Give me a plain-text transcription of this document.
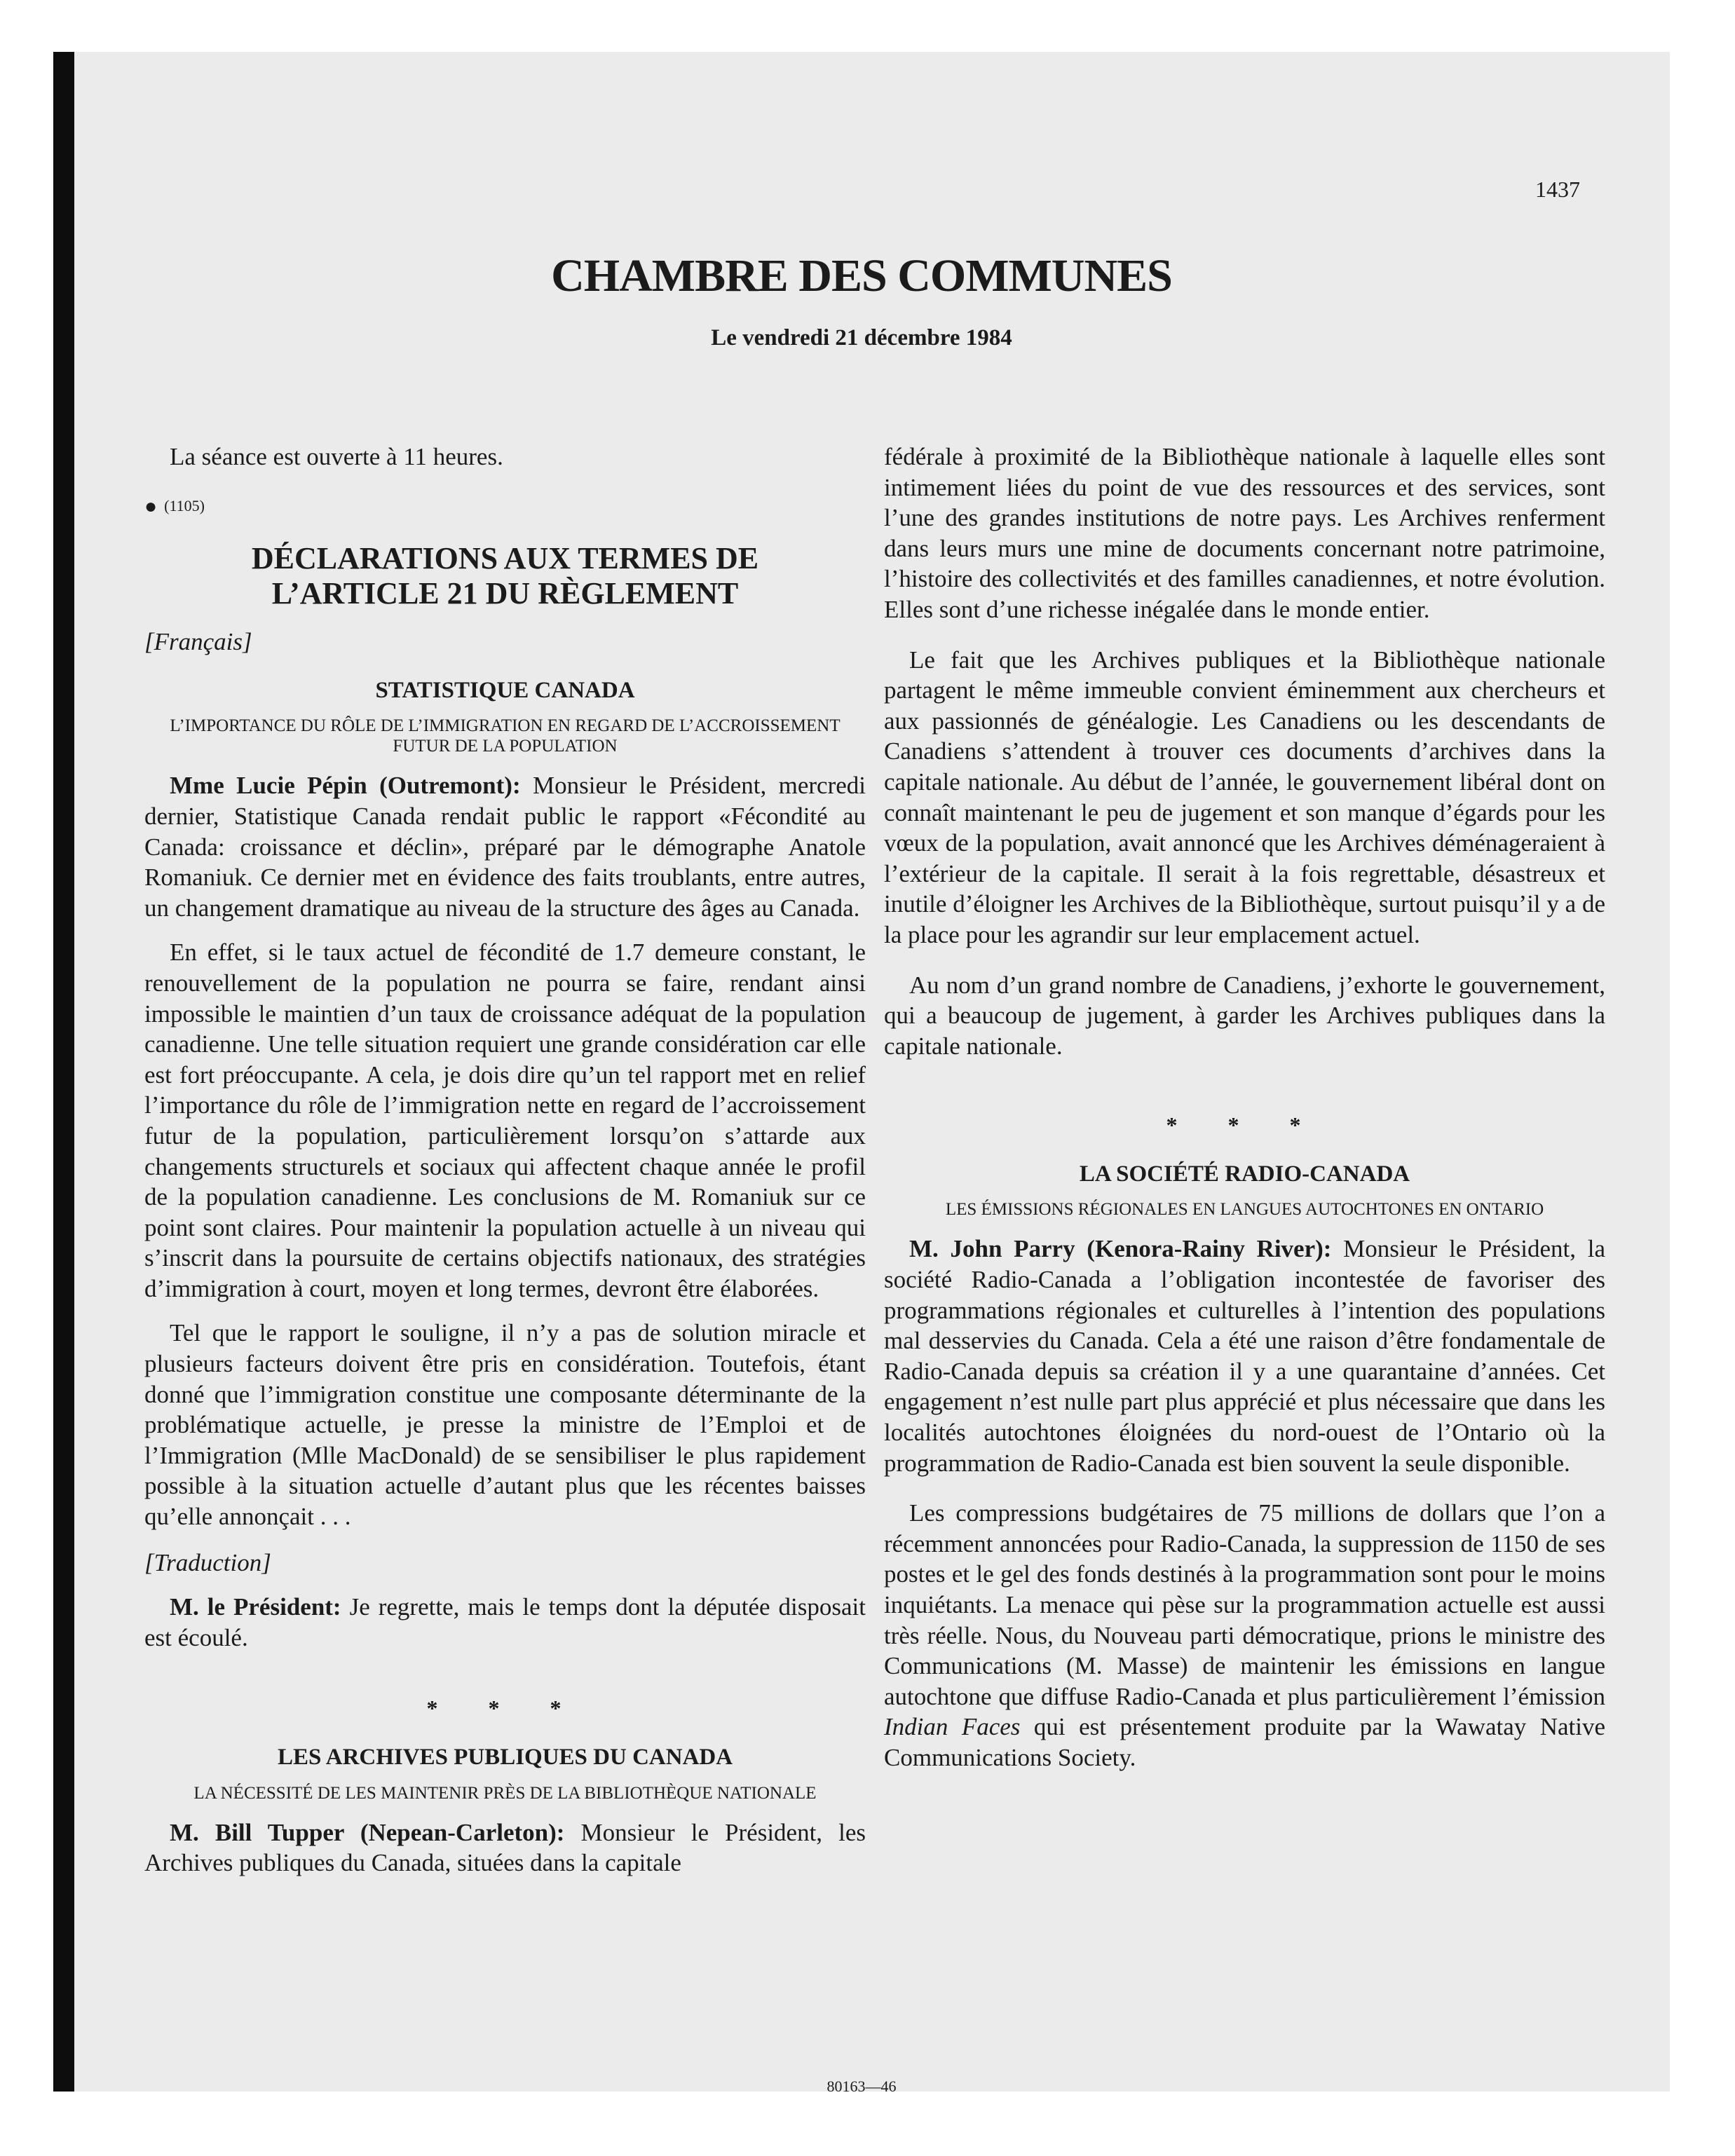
1437
CHAMBRE DES COMMUNES
Le vendredi 21 décembre 1984

La séance est ouverte à 11 heures.

● (1105)
DÉCLARATIONS AUX TERMES DE
L’ARTICLE 21 DU RÈGLEMENT
[Français]
STATISTIQUE CANADA
L’IMPORTANCE DU RÔLE DE L’IMMIGRATION EN REGARD DE L’ACCROISSEMENT FUTUR DE LA POPULATION

Mme Lucie Pépin (Outremont): Monsieur le Président, mercredi dernier, Statistique Canada rendait public le rapport «Fécondité au Canada: croissance et déclin», préparé par le démographe Anatole Romaniuk. Ce dernier met en évidence des faits troublants, entre autres, un changement dramatique au niveau de la structure des âges au Canada.

En effet, si le taux actuel de fécondité de 1.7 demeure constant, le renouvellement de la population ne pourra se faire, rendant ainsi impossible le maintien d’un taux de croissance adéquat de la population canadienne. Une telle situation requiert une grande considération car elle est fort préoccupante. A cela, je dois dire qu’un tel rapport met en relief l’importance du rôle de l’immigration nette en regard de l’accroissement futur de la population, particulièrement lorsqu’on s’attarde aux changements structurels et sociaux qui affectent chaque année le profil de la population canadienne. Les conclusions de M. Romaniuk sur ce point sont claires. Pour maintenir la population actuelle à un niveau qui s’inscrit dans la poursuite de certains objectifs nationaux, des stratégies d’immigration à court, moyen et long termes, devront être élaborées.

Tel que le rapport le souligne, il n’y a pas de solution miracle et plusieurs facteurs doivent être pris en considération. Toutefois, étant donné que l’immigration constitue une composante déterminante de la problématique actuelle, je presse la ministre de l’Emploi et de l’Immigration (Mlle MacDonald) de se sensibiliser le plus rapidement possible à la situation actuelle d’autant plus que les récentes baisses qu’elle annonçait . . .

[Traduction]

M. le Président: Je regrette, mais le temps dont la députée disposait est écoulé.

* * *
LES ARCHIVES PUBLIQUES DU CANADA
LA NÉCESSITÉ DE LES MAINTENIR PRÈS DE LA BIBLIOTHÈQUE NATIONALE

M. Bill Tupper (Nepean-Carleton): Monsieur le Président, les Archives publiques du Canada, situées dans la capitale

fédérale à proximité de la Bibliothèque nationale à laquelle elles sont intimement liées du point de vue des ressources et des services, sont l’une des grandes institutions de notre pays. Les Archives renferment dans leurs murs une mine de documents concernant notre patrimoine, l’histoire des collectivités et des familles canadiennes, et notre évolution. Elles sont d’une richesse inégalée dans le monde entier.

Le fait que les Archives publiques et la Bibliothèque nationale partagent le même immeuble convient éminemment aux chercheurs et aux passionnés de généalogie. Les Canadiens ou les descendants de Canadiens s’attendent à trouver ces documents d’archives dans la capitale nationale. Au début de l’année, le gouvernement libéral dont on connaît maintenant le peu de jugement et son manque d’égards pour les vœux de la population, avait annoncé que les Archives déménageraient à l’extérieur de la capitale. Il serait à la fois regrettable, désastreux et inutile d’éloigner les Archives de la Bibliothèque, surtout puisqu’il y a de la place pour les agrandir sur leur emplacement actuel.

Au nom d’un grand nombre de Canadiens, j’exhorte le gouvernement, qui a beaucoup de jugement, à garder les Archives publiques dans la capitale nationale.

* * *
LA SOCIÉTÉ RADIO-CANADA
LES ÉMISSIONS RÉGIONALES EN LANGUES AUTOCHTONES EN ONTARIO

M. John Parry (Kenora-Rainy River): Monsieur le Président, la société Radio-Canada a l’obligation incontestée de favoriser des programmations régionales et culturelles à l’intention des populations mal desservies du Canada. Cela a été une raison d’être fondamentale de Radio-Canada depuis sa création il y a une quarantaine d’années. Cet engagement n’est nulle part plus apprécié et plus nécessaire que dans les localités autochtones éloignées du nord-ouest de l’Ontario où la programmation de Radio-Canada est bien souvent la seule disponible.

Les compressions budgétaires de 75 millions de dollars que l’on a récemment annoncées pour Radio-Canada, la suppression de 1150 de ses postes et le gel des fonds destinés à la programmation sont pour le moins inquiétants. La menace qui pèse sur la programmation actuelle est aussi très réelle. Nous, du Nouveau parti démocratique, prions le ministre des Communications (M. Masse) de maintenir les émissions en langue autochtone que diffuse Radio-Canada et plus particulièrement l’émission Indian Faces qui est présentement produite par la Wawatay Native Communications Society.

80163—46
